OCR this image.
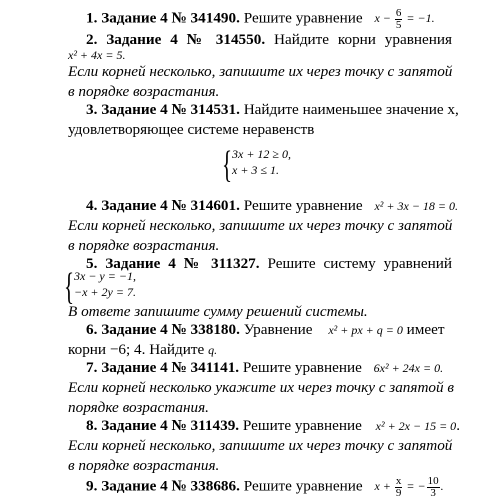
1. Задание 4 № 341490. Решите уравнение $x - \frac{6}{5} = -1$.
2. Задание 4 № 314550. Найдите корни уравнения
x² + 4x = 5.
Если корней несколько, запишите их через точку с запятой
в порядке возрастания.
3. Задание 4 № 314531. Найдите наименьшее значение x,
удовлетворяющее системе неравенств
{ 3x + 12 ≥ 0,
x + 3 ≤ 1.
4. Задание 4 № 314601. Решите уравнение x² + 3x − 18 = 0.
Если корней несколько, запишите их через точку с запятой
в порядке возрастания.
5. Задание 4 № 311327. Решите систему уравнений
{ 3x − y = −1,
−x + 2y = 7.
В ответе запишите сумму решений системы.
6. Задание 4 № 338180. Уравнение x² + px + q = 0 имеет
корни −6; 4. Найдите q.
7. Задание 4 № 341141. Решите уравнение 6x² + 24x = 0.
Если корней несколько укажите их через точку с запятой в
порядке возрастания.
8. Задание 4 № 311439. Решите уравнение x² + 2x − 15 = 0.
Если корней несколько, запишите их через точку с запятой
в порядке возрастания.
9. Задание 4 № 338686. Решите уравнение $x + \frac{x}{9}$ = − $\frac{10}{3}$ .
